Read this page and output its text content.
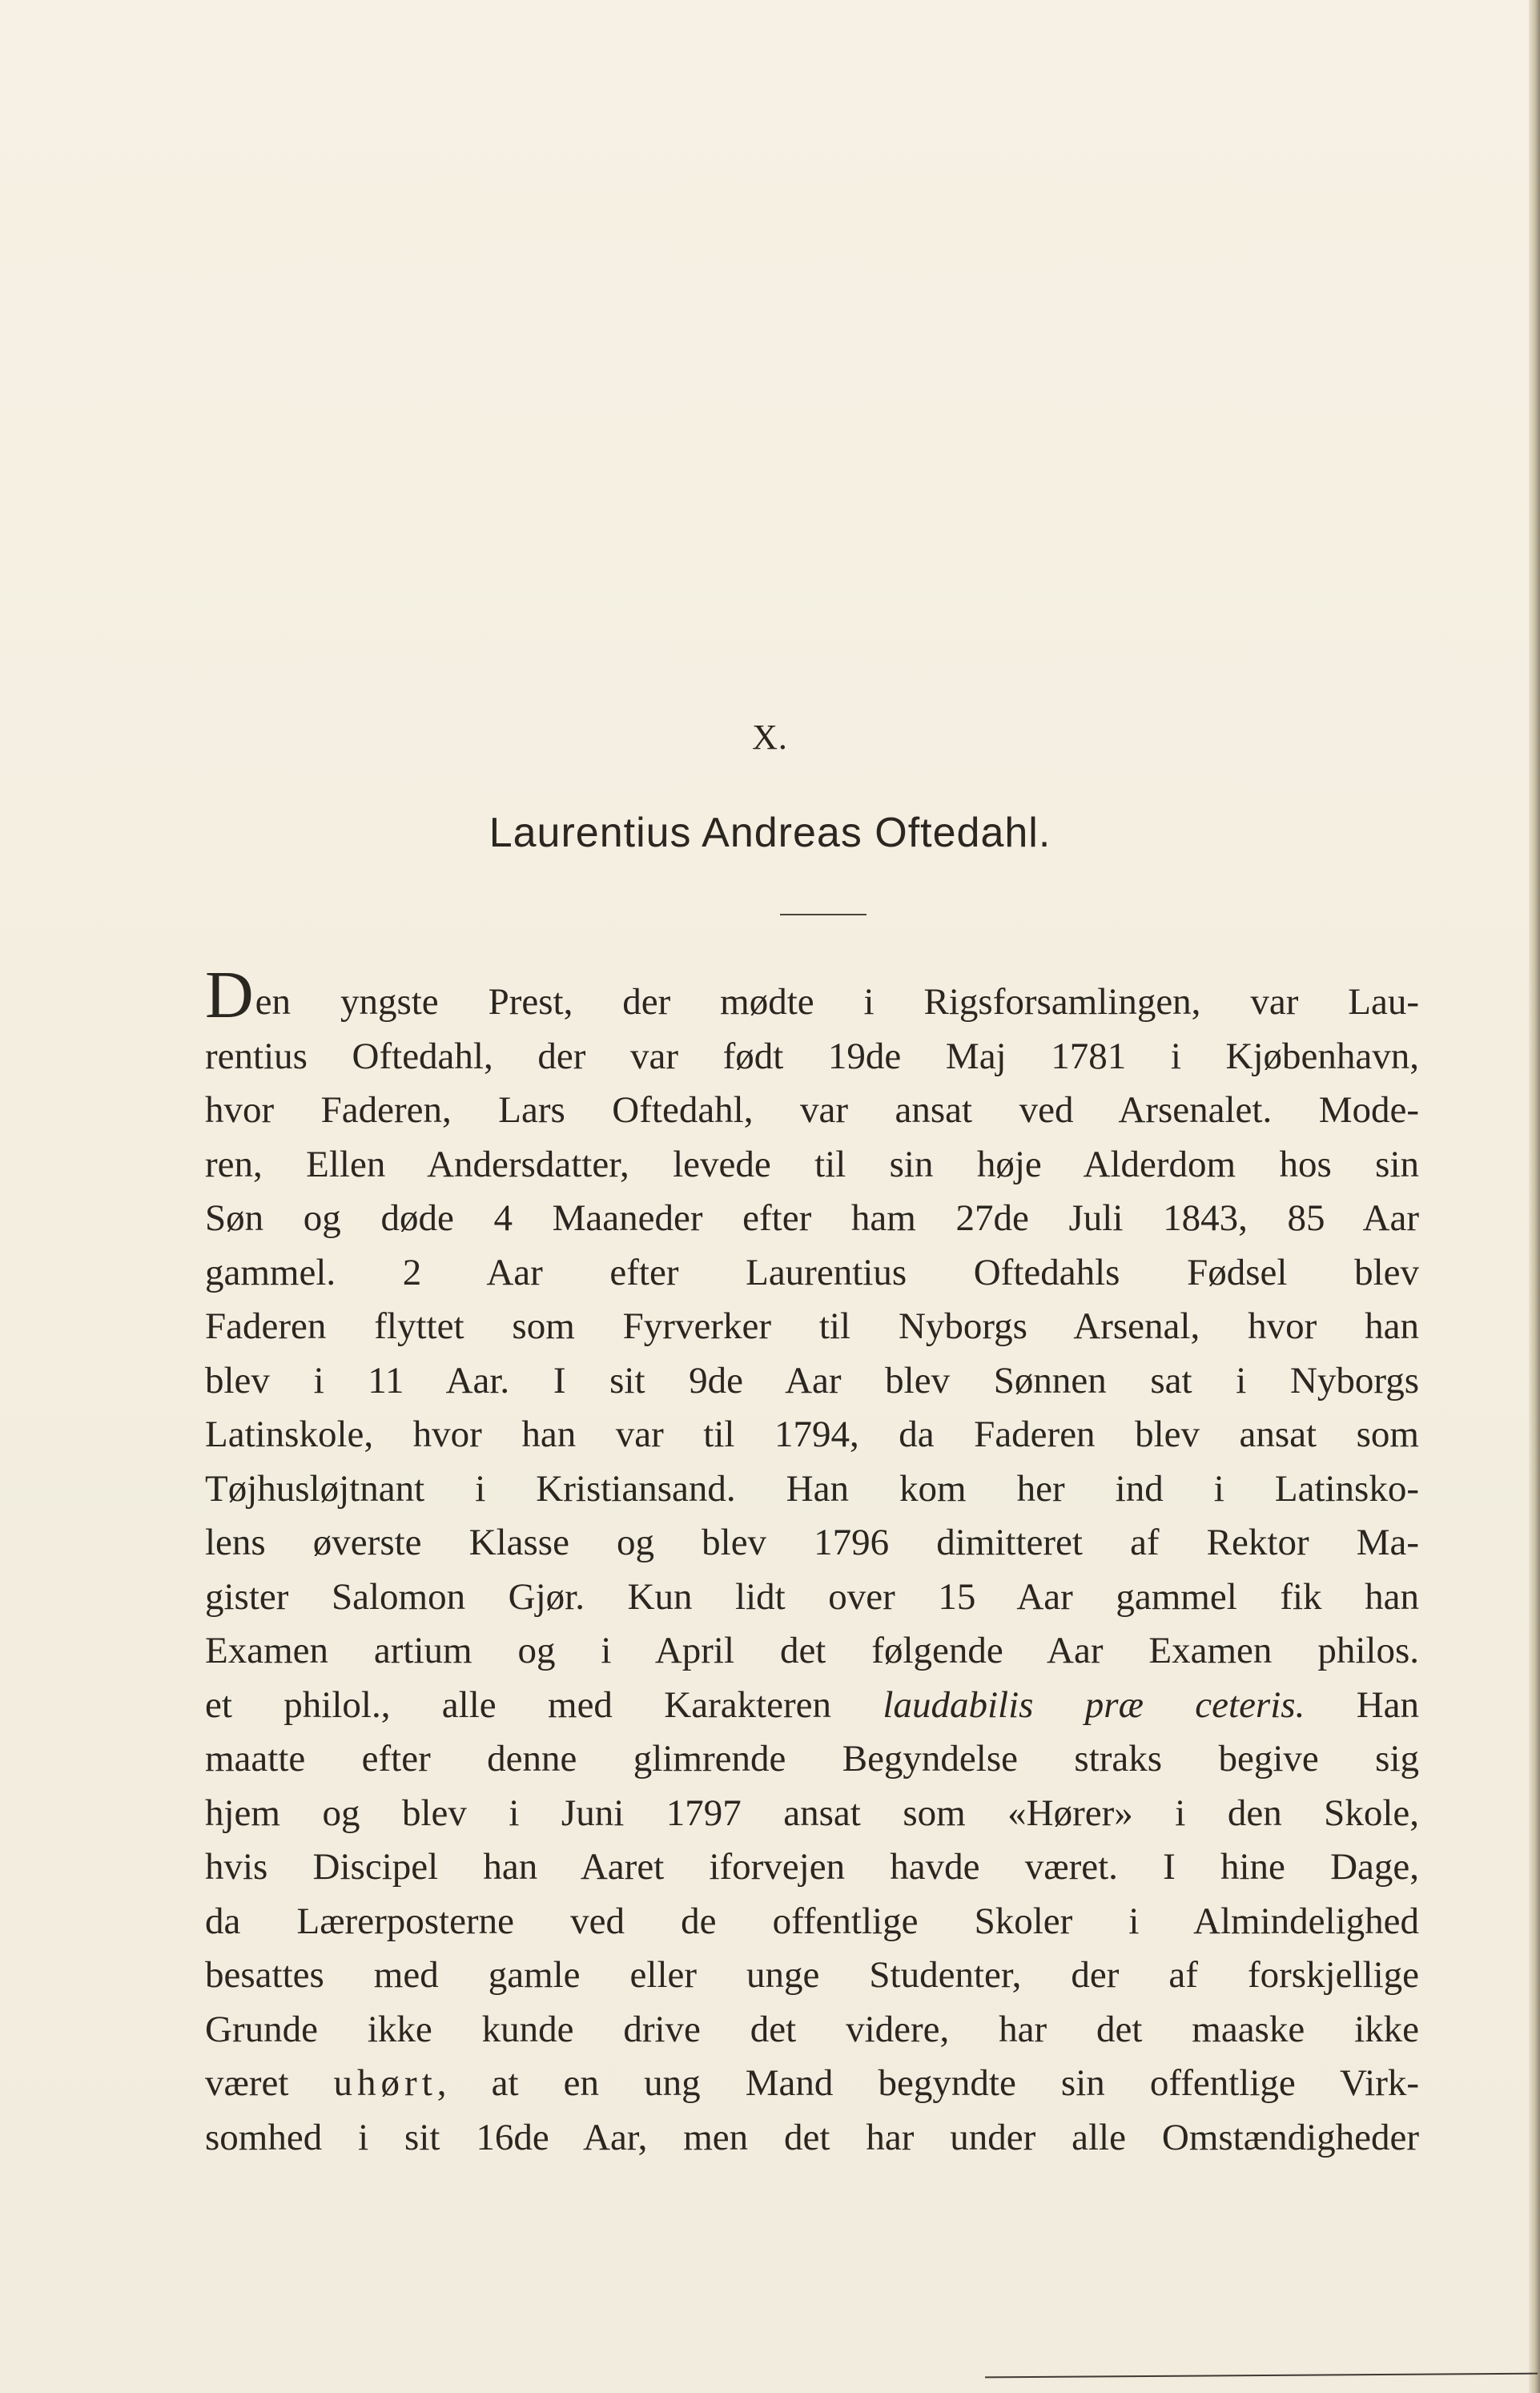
X.
Laurentius Andreas Oftedahl.
Den yngste Prest, der mødte i Rigsforsamlingen, var Lau-
rentius Oftedahl, der var født 19de Maj 1781 i Kjøbenhavn,
hvor Faderen, Lars Oftedahl, var ansat ved Arsenalet. Mode-
ren, Ellen Andersdatter, levede til sin høje Alderdom hos sin
Søn og døde 4 Maaneder efter ham 27de Juli 1843, 85 Aar
gammel. 2 Aar efter Laurentius Oftedahls Fødsel blev
Faderen flyttet som Fyrverker til Nyborgs Arsenal, hvor han
blev i 11 Aar. I sit 9de Aar blev Sønnen sat i Nyborgs
Latinskole, hvor han var til 1794, da Faderen blev ansat som
Tøjhusløjtnant i Kristiansand. Han kom her ind i Latinsko-
lens øverste Klasse og blev 1796 dimitteret af Rektor Ma-
gister Salomon Gjør. Kun lidt over 15 Aar gammel fik han
Examen artium og i April det følgende Aar Examen philos.
et philol., alle med Karakteren laudabilis præ ceteris. Han
maatte efter denne glimrende Begyndelse straks begive sig
hjem og blev i Juni 1797 ansat som «Hører» i den Skole,
hvis Discipel han Aaret iforvejen havde været. I hine Dage,
da Lærerposterne ved de offentlige Skoler i Almindelighed
besattes med gamle eller unge Studenter, der af forskjellige
Grunde ikke kunde drive det videre, har det maaske ikke
været uhørt, at en ung Mand begyndte sin offentlige Virk-
somhed i sit 16de Aar, men det har under alle Omstændigheder
